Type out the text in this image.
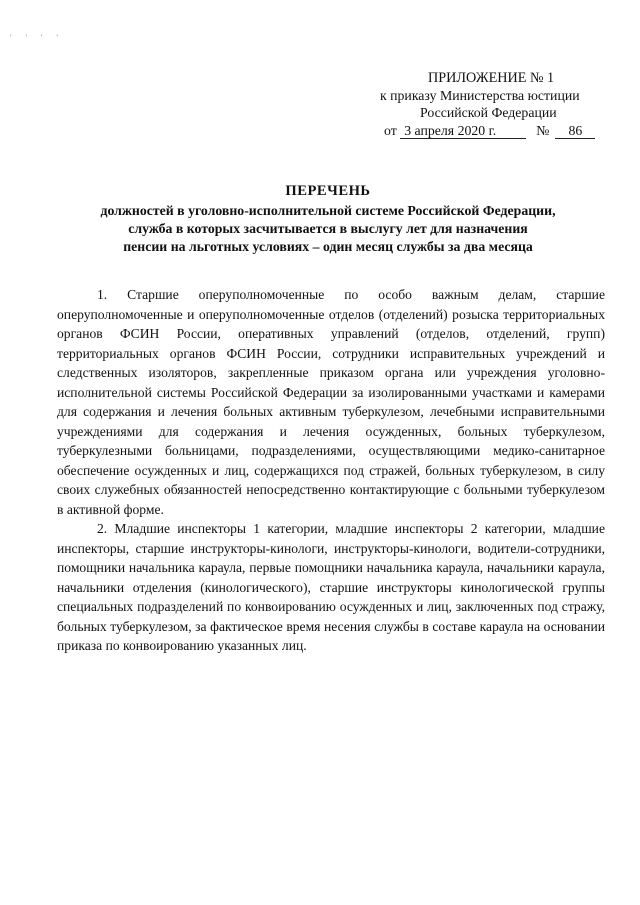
' ' ' '
ПРИЛОЖЕНИЕ № 1
к приказу Министерства юстиции
Российской Федерации
от 3 апреля 2020 г.	№ 86
ПЕРЕЧЕНЬ
должностей в уголовно-исполнительной системе Российской Федерации,
служба в которых засчитывается в выслугу лет для назначения
пенсии на льготных условиях – один месяц службы за два месяца

1. Старшие оперуполномоченные по особо важным делам, старшие оперуполномоченные и оперуполномоченные отделов (отделений) розыска территориальных органов ФСИН России, оперативных управлений (отделов, отделений, групп) территориальных органов ФСИН России, сотрудники исправительных учреждений и следственных изоляторов, закрепленные приказом органа или учреждения уголовно-исполнительной системы Российской Федерации за изолированными участками и камерами для содержания и лечения больных активным туберкулезом, лечебными исправительными учреждениями для содержания и лечения осужденных, больных туберкулезом, туберкулезными больницами, подразделениями, осуществляющими медико-санитарное обеспечение осужденных и лиц, содержащихся под стражей, больных туберкулезом, в силу своих служебных обязанностей непосредственно контактирующие с больными туберкулезом в активной форме.

2. Младшие инспекторы 1 категории, младшие инспекторы 2 категории, младшие инспекторы, старшие инструкторы-кинологи, инструкторы-кинологи, водители-сотрудники, помощники начальника караула, первые помощники начальника караула, начальники караула, начальники отделения (кинологического), старшие инструкторы кинологической группы специальных подразделений по конвоированию осужденных и лиц, заключенных под стражу, больных туберкулезом, за фактическое время несения службы в составе караула на основании приказа по конвоированию указанных лиц.
